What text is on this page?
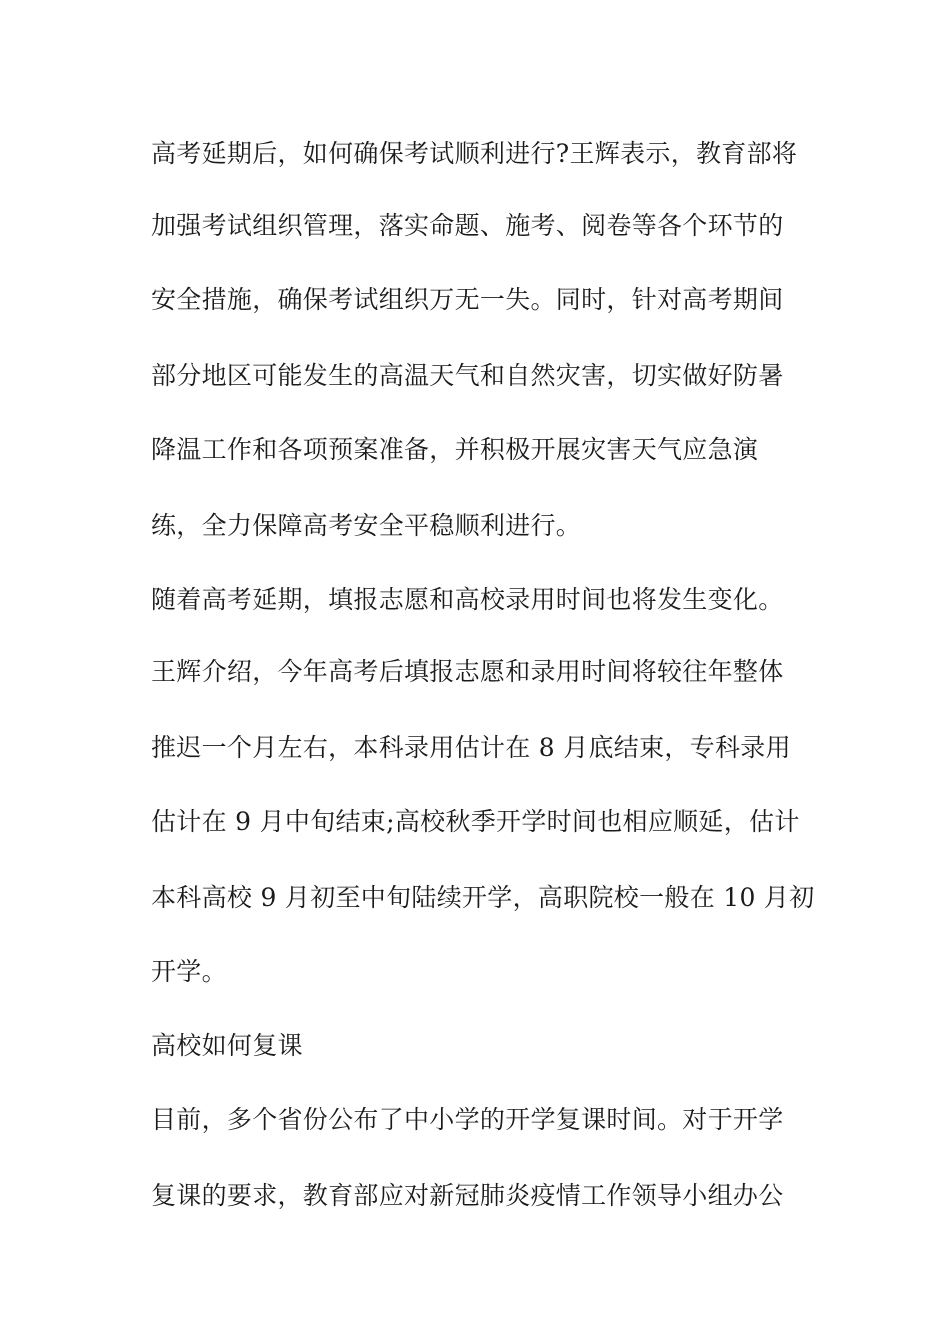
高考延期后，如何确保考试顺利进行?王辉表示，教育部将
加强考试组织管理，落实命题、施考、阅卷等各个环节的
安全措施，确保考试组织万无一失。同时，针对高考期间
部分地区可能发生的高温天气和自然灾害，切实做好防暑
降温工作和各项预案准备，并积极开展灾害天气应急演
练，全力保障高考安全平稳顺利进行。
随着高考延期，填报志愿和高校录用时间也将发生变化。
王辉介绍，今年高考后填报志愿和录用时间将较往年整体
推迟一个月左右，本科录用估计在 8 月底结束，专科录用
估计在 9 月中旬结束;高校秋季开学时间也相应顺延，估计
本科高校 9 月初至中旬陆续开学，高职院校一般在 10 月初
开学。
高校如何复课
目前，多个省份公布了中小学的开学复课时间。对于开学
复课的要求，教育部应对新冠肺炎疫情工作领导小组办公
